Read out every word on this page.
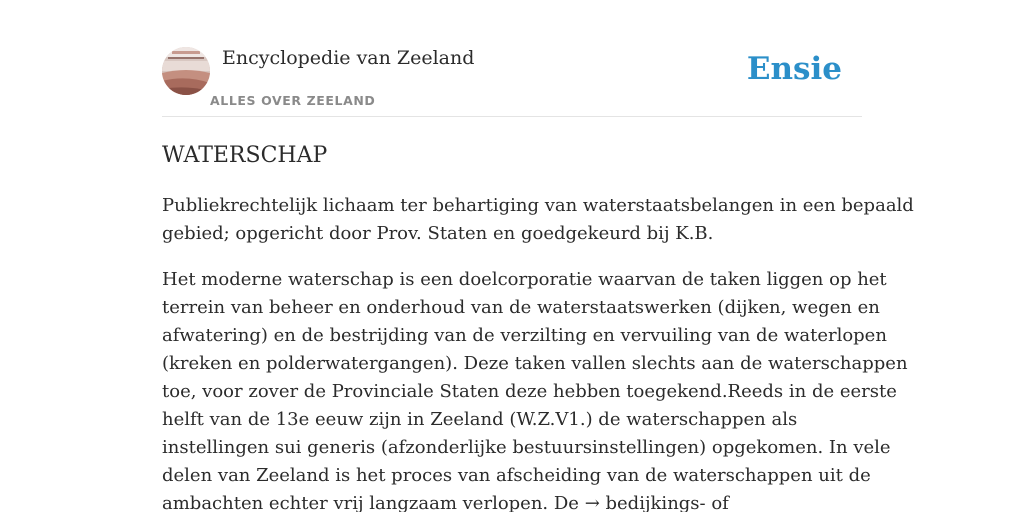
Encyclopedie van Zeeland
ALLES OVER ZEELAND
Ensie
WATERSCHAP

Publiekrechtelijk lichaam ter behartiging van waterstaatsbelangen in een bepaald
gebied; opgericht door Prov. Staten en goedgekeurd bij K.B.

Het moderne waterschap is een doelcorporatie waarvan de taken liggen op het
terrein van beheer en onderhoud van de waterstaatswerken (dijken, wegen en
afwatering) en de bestrijding van de verzilting en vervuiling van de waterlopen
(kreken en polderwatergangen). Deze taken vallen slechts aan de waterschappen
toe, voor zover de Provinciale Staten deze hebben toegekend.Reeds in de eerste
helft van de 13e eeuw zijn in Zeeland (W.Z.V1.) de waterschappen als
instellingen sui generis (afzonderlijke bestuursinstellingen) opgekomen. In vele
delen van Zeeland is het proces van afscheiding van de waterschappen uit de
ambachten echter vrij langzaam verlopen. De → bedijkings- of
